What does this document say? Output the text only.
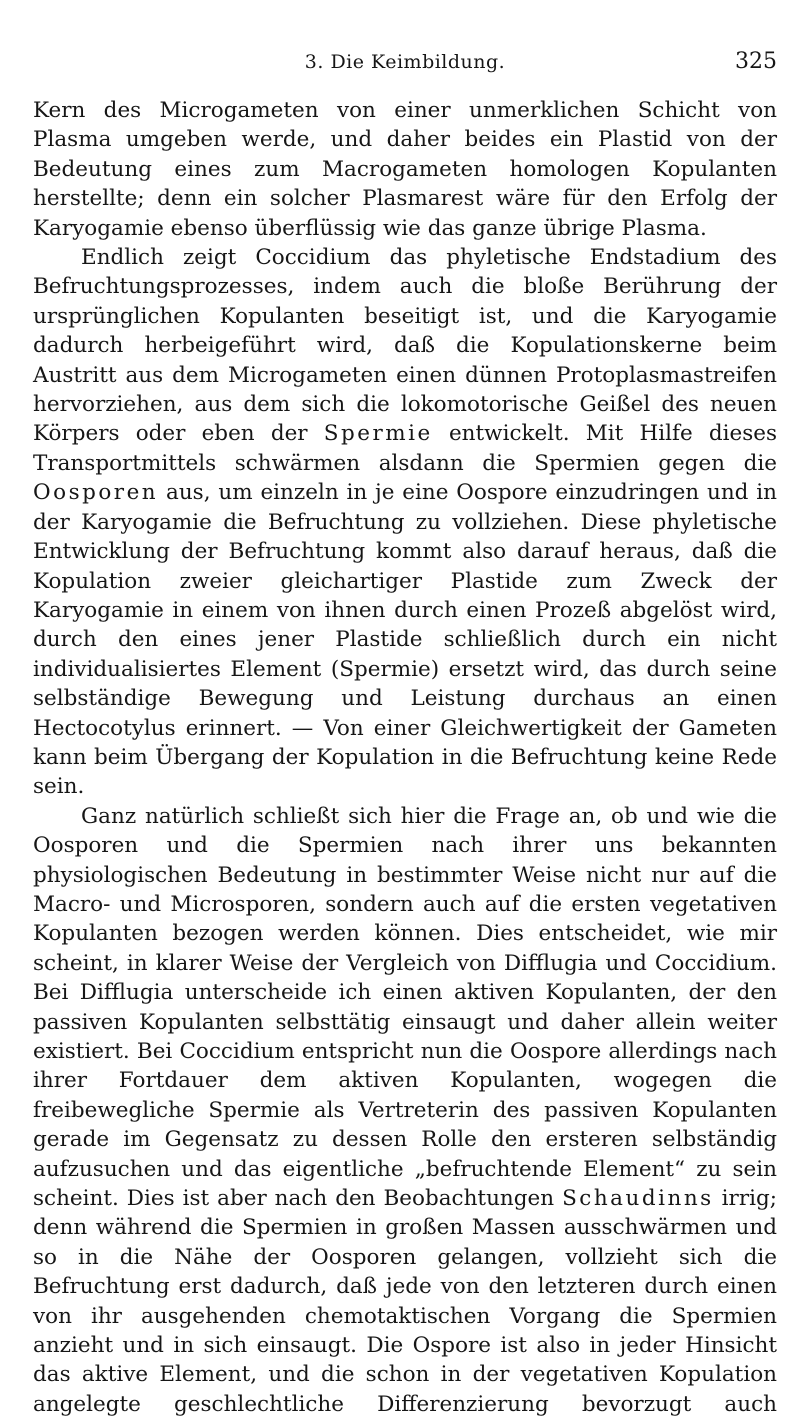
3. Die Keimbildung.	325

Kern des Microgameten von einer unmerklichen Schicht von Plasma umgeben werde, und daher beides ein Plastid von der Bedeutung eines zum Macrogameten homologen Kopulanten herstellte; denn ein solcher Plasmarest wäre für den Erfolg der Karyogamie ebenso überflüssig wie das ganze übrige Plasma.

Endlich zeigt Coccidium das phyletische Endstadium des Befruchtungsprozesses, indem auch die bloße Berührung der ursprünglichen Kopulanten beseitigt ist, und die Karyogamie dadurch herbeigeführt wird, daß die Kopulationskerne beim Austritt aus dem Microgameten einen dünnen Protoplasmastreifen hervorziehen, aus dem sich die lokomotorische Geißel des neuen Körpers oder eben der Spermie entwickelt. Mit Hilfe dieses Transportmittels schwärmen alsdann die Spermien gegen die Oosporen aus, um einzeln in je eine Oospore einzudringen und in der Karyogamie die Befruchtung zu vollziehen. Diese phyletische Entwicklung der Befruchtung kommt also darauf heraus, daß die Kopulation zweier gleichartiger Plastide zum Zweck der Karyogamie in einem von ihnen durch einen Prozeß abgelöst wird, durch den eines jener Plastide schließlich durch ein nicht individualisiertes Element (Spermie) ersetzt wird, das durch seine selbständige Bewegung und Leistung durchaus an einen Hectocotylus erinnert. — Von einer Gleichwertigkeit der Gameten kann beim Übergang der Kopulation in die Befruchtung keine Rede sein.

Ganz natürlich schließt sich hier die Frage an, ob und wie die Oosporen und die Spermien nach ihrer uns bekannten physiologischen Bedeutung in bestimmter Weise nicht nur auf die Macro- und Microsporen, sondern auch auf die ersten vegetativen Kopulanten bezogen werden können. Dies entscheidet, wie mir scheint, in klarer Weise der Vergleich von Difflugia und Coccidium. Bei Difflugia unterscheide ich einen aktiven Kopulanten, der den passiven Kopulanten selbsttätig einsaugt und daher allein weiter existiert. Bei Coccidium entspricht nun die Oospore allerdings nach ihrer Fortdauer dem aktiven Kopulanten, wogegen die freibewegliche Spermie als Vertreterin des passiven Kopulanten gerade im Gegensatz zu dessen Rolle den ersteren selbständig aufzusuchen und das eigentliche „befruchtende Element“ zu sein scheint. Dies ist aber nach den Beobachtungen Schaudinns irrig; denn während die Spermien in großen Massen ausschwärmen und so in die Nähe der Oosporen gelangen, vollzieht sich die Befruchtung erst dadurch, daß jede von den letzteren durch einen von ihr ausgehenden chemotaktischen Vorgang die Spermien anzieht und in sich einsaugt. Die Ospore ist also in jeder Hinsicht das aktive Element, und die schon in der vegetativen Kopulation angelegte geschlechtliche Differenzierung bevorzugt auch
